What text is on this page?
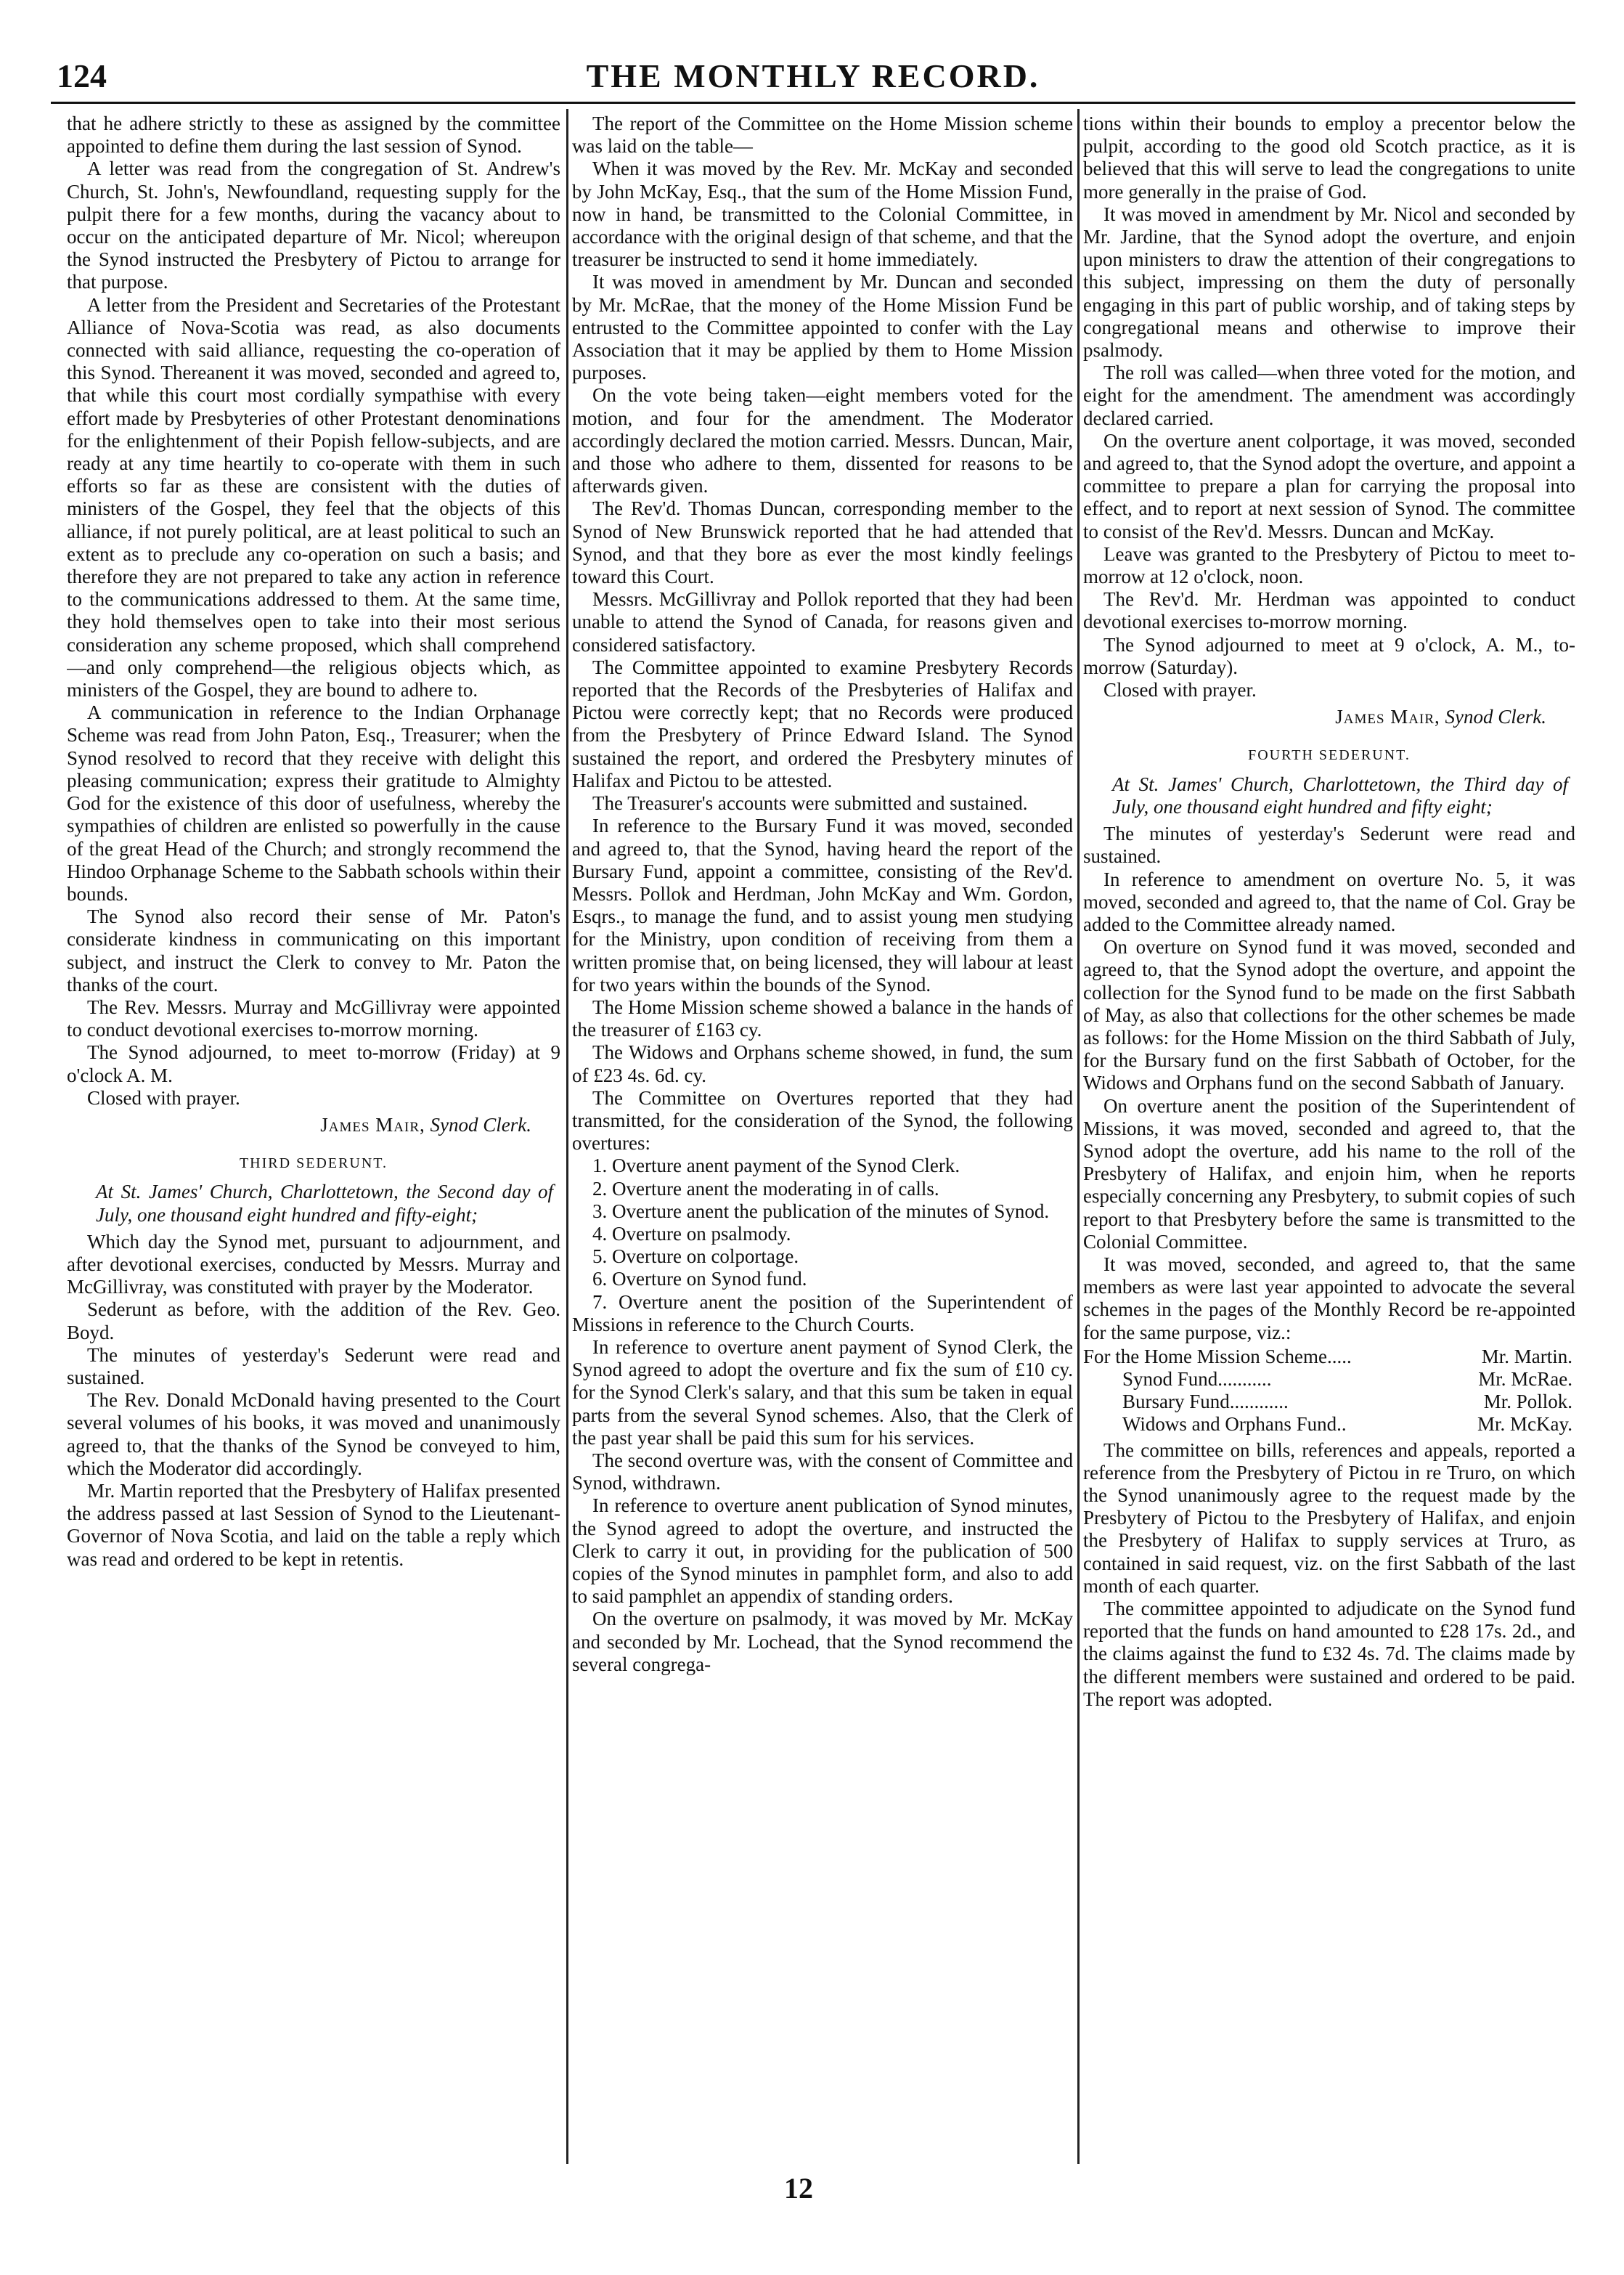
124	THE MONTHLY RECORD.

that he adhere strictly to these as assigned by the committee appointed to define them during the last session of Synod.

A letter was read from the congregation of St. Andrew's Church, St. John's, Newfoundland, requesting supply for the pulpit there for a few months, during the vacancy about to occur on the anticipated departure of Mr. Nicol; whereupon the Synod instructed the Presbytery of Pictou to arrange for that purpose.

A letter from the President and Secretaries of the Protestant Alliance of Nova-Scotia was read, as also documents connected with said alliance, requesting the co-operation of this Synod. Thereanent it was moved, seconded and agreed to, that while this court most cordially sympathise with every effort made by Presbyteries of other Protestant denominations for the enlightenment of their Popish fellow-subjects, and are ready at any time heartily to co-operate with them in such efforts so far as these are consistent with the duties of ministers of the Gospel, they feel that the objects of this alliance, if not purely political, are at least political to such an extent as to preclude any co-operation on such a basis; and therefore they are not prepared to take any action in reference to the communications addressed to them. At the same time, they hold themselves open to take into their most serious consideration any scheme proposed, which shall comprehend—and only comprehend—the religious objects which, as ministers of the Gospel, they are bound to adhere to.

A communication in reference to the Indian Orphanage Scheme was read from John Paton, Esq., Treasurer; when the Synod resolved to record that they receive with delight this pleasing communication; express their gratitude to Almighty God for the existence of this door of usefulness, whereby the sympathies of children are enlisted so powerfully in the cause of the great Head of the Church; and strongly recommend the Hindoo Orphanage Scheme to the Sabbath schools within their bounds.

The Synod also record their sense of Mr. Paton's considerate kindness in communicating on this important subject, and instruct the Clerk to convey to Mr. Paton the thanks of the court.

The Rev. Messrs. Murray and McGillivray were appointed to conduct devotional exercises to-morrow morning.

The Synod adjourned, to meet to-morrow (Friday) at 9 o'clock A. M.

Closed with prayer.

James Mair, Synod Clerk.

THIRD SEDERUNT.

At St. James' Church, Charlottetown, the Second day of July, one thousand eight hundred and fifty-eight;

Which day the Synod met, pursuant to adjournment, and after devotional exercises, conducted by Messrs. Murray and McGillivray, was constituted with prayer by the Moderator.

Sederunt as before, with the addition of the Rev. Geo. Boyd.

The minutes of yesterday's Sederunt were read and sustained.

The Rev. Donald McDonald having presented to the Court several volumes of his books, it was moved and unanimously agreed to, that the thanks of the Synod be conveyed to him, which the Moderator did accordingly.

Mr. Martin reported that the Presbytery of Halifax presented the address passed at last Session of Synod to the Lieutenant-Governor of Nova Scotia, and laid on the table a reply which was read and ordered to be kept in retentis.

The report of the Committee on the Home Mission scheme was laid on the table—

When it was moved by the Rev. Mr. McKay and seconded by John McKay, Esq., that the sum of the Home Mission Fund, now in hand, be transmitted to the Colonial Committee, in accordance with the original design of that scheme, and that the treasurer be instructed to send it home immediately.

It was moved in amendment by Mr. Duncan and seconded by Mr. McRae, that the money of the Home Mission Fund be entrusted to the Committee appointed to confer with the Lay Association that it may be applied by them to Home Mission purposes.

On the vote being taken—eight members voted for the motion, and four for the amendment. The Moderator accordingly declared the motion carried. Messrs. Duncan, Mair, and those who adhere to them, dissented for reasons to be afterwards given.

The Rev'd. Thomas Duncan, corresponding member to the Synod of New Brunswick reported that he had attended that Synod, and that they bore as ever the most kindly feelings toward this Court.

Messrs. McGillivray and Pollok reported that they had been unable to attend the Synod of Canada, for reasons given and considered satisfactory.

The Committee appointed to examine Presbytery Records reported that the Records of the Presbyteries of Halifax and Pictou were correctly kept; that no Records were produced from the Presbytery of Prince Edward Island. The Synod sustained the report, and ordered the Presbytery minutes of Halifax and Pictou to be attested.

The Treasurer's accounts were submitted and sustained.

In reference to the Bursary Fund it was moved, seconded and agreed to, that the Synod, having heard the report of the Bursary Fund, appoint a committee, consisting of the Rev'd. Messrs. Pollok and Herdman, John McKay and Wm. Gordon, Esqrs., to manage the fund, and to assist young men studying for the Ministry, upon condition of receiving from them a written promise that, on being licensed, they will labour at least for two years within the bounds of the Synod.

The Home Mission scheme showed a balance in the hands of the treasurer of £163 cy.

The Widows and Orphans scheme showed, in fund, the sum of £23 4s. 6d. cy.

The Committee on Overtures reported that they had transmitted, for the consideration of the Synod, the following overtures:

1. Overture anent payment of the Synod Clerk.

2. Overture anent the moderating in of calls.

3. Overture anent the publication of the minutes of Synod.

4. Overture on psalmody.

5. Overture on colportage.

6. Overture on Synod fund.

7. Overture anent the position of the Superintendent of Missions in reference to the Church Courts.

In reference to overture anent payment of Synod Clerk, the Synod agreed to adopt the overture and fix the sum of £10 cy. for the Synod Clerk's salary, and that this sum be taken in equal parts from the several Synod schemes. Also, that the Clerk of the past year shall be paid this sum for his services.

The second overture was, with the consent of Committee and Synod, withdrawn.

In reference to overture anent publication of Synod minutes, the Synod agreed to adopt the overture, and instructed the Clerk to carry it out, in providing for the publication of 500 copies of the Synod minutes in pamphlet form, and also to add to said pamphlet an appendix of standing orders.

On the overture on psalmody, it was moved by Mr. McKay and seconded by Mr. Lochead, that the Synod recommend the several congrega-

tions within their bounds to employ a precentor below the pulpit, according to the good old Scotch practice, as it is believed that this will serve to lead the congregations to unite more generally in the praise of God.

It was moved in amendment by Mr. Nicol and seconded by Mr. Jardine, that the Synod adopt the overture, and enjoin upon ministers to draw the attention of their congregations to this subject, impressing on them the duty of personally engaging in this part of public worship, and of taking steps by congregational means and otherwise to improve their psalmody.

The roll was called—when three voted for the motion, and eight for the amendment. The amendment was accordingly declared carried.

On the overture anent colportage, it was moved, seconded and agreed to, that the Synod adopt the overture, and appoint a committee to prepare a plan for carrying the proposal into effect, and to report at next session of Synod. The committee to consist of the Rev'd. Messrs. Duncan and McKay.

Leave was granted to the Presbytery of Pictou to meet to-morrow at 12 o'clock, noon.

The Rev'd. Mr. Herdman was appointed to conduct devotional exercises to-morrow morning.

The Synod adjourned to meet at 9 o'clock, A. M., to-morrow (Saturday).

Closed with prayer.

James Mair, Synod Clerk.

FOURTH SEDERUNT.

At St. James' Church, Charlottetown, the Third day of July, one thousand eight hundred and fifty eight;

The minutes of yesterday's Sederunt were read and sustained.

In reference to amendment on overture No. 5, it was moved, seconded and agreed to, that the name of Col. Gray be added to the Committee already named.

On overture on Synod fund it was moved, seconded and agreed to, that the Synod adopt the overture, and appoint the collection for the Synod fund to be made on the first Sabbath of May, as also that collections for the other schemes be made as follows: for the Home Mission on the third Sabbath of July, for the Bursary fund on the first Sabbath of October, for the Widows and Orphans fund on the second Sabbath of January.

On overture anent the position of the Superintendent of Missions, it was moved, seconded and agreed to, that the Synod adopt the overture, add his name to the roll of the Presbytery of Halifax, and enjoin him, when he reports especially concerning any Presbytery, to submit copies of such report to that Presbytery before the same is transmitted to the Colonial Committee.

It was moved, seconded, and agreed to, that the same members as were last year appointed to advocate the several schemes in the pages of the Monthly Record be re-appointed for the same purpose, viz.:

For the Home Mission Scheme.....	Mr. Martin.
Synod Fund...........	Mr. McRae.
Bursary Fund............	Mr. Pollok.
Widows and Orphans Fund..	Mr. McKay.

The committee on bills, references and appeals, reported a reference from the Presbytery of Pictou in re Truro, on which the Synod unanimously agree to the request made by the Presbytery of Pictou to the Presbytery of Halifax, and enjoin the Presbytery of Halifax to supply services at Truro, as contained in said request, viz. on the first Sabbath of the last month of each quarter.

The committee appointed to adjudicate on the Synod fund reported that the funds on hand amounted to £28 17s. 2d., and the claims against the fund to £32 4s. 7d. The claims made by the different members were sustained and ordered to be paid. The report was adopted.

12
